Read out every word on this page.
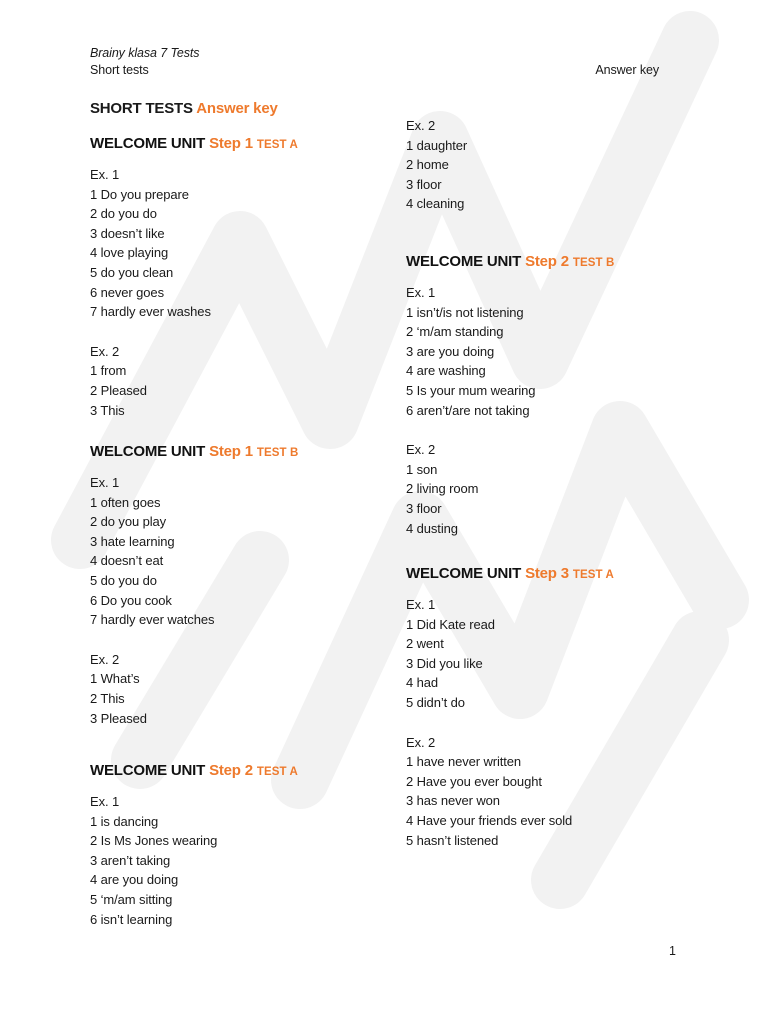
Brainy klasa 7 Tests
Short tests	Answer key
SHORT TESTS Answer key
WELCOME UNIT Step 1 TEST A
Ex. 1
1 Do you prepare
2 do you do
3 doesn’t like
4 love playing
5 do you clean
6 never goes
7 hardly ever washes
Ex. 2
1 from
2 Pleased
3 This
WELCOME UNIT Step 1 TEST B
Ex. 1
1 often goes
2 do you play
3 hate learning
4 doesn’t eat
5 do you do
6 Do you cook
7 hardly ever watches
Ex. 2
1 What’s
2 This
3 Pleased
WELCOME UNIT Step 2 TEST A
Ex. 1
1 is dancing
2 Is Ms Jones wearing
3 aren’t taking
4 are you doing
5 ‘m/am sitting
6 isn’t learning
Ex. 2
1 daughter
2 home
3 floor
4 cleaning
WELCOME UNIT Step 2 TEST B
Ex. 1
1 isn’t/is not listening
2 ‘m/am standing
3 are you doing
4 are washing
5 Is your mum wearing
6 aren’t/are not taking
Ex. 2
1 son
2 living room
3 floor
4 dusting
WELCOME UNIT Step 3 TEST A
Ex. 1
1 Did Kate read
2 went
3 Did you like
4 had
5 didn’t do
Ex. 2
1 have never written
2 Have you ever bought
3 has never won
4 Have your friends ever sold
5 hasn’t listened
1
